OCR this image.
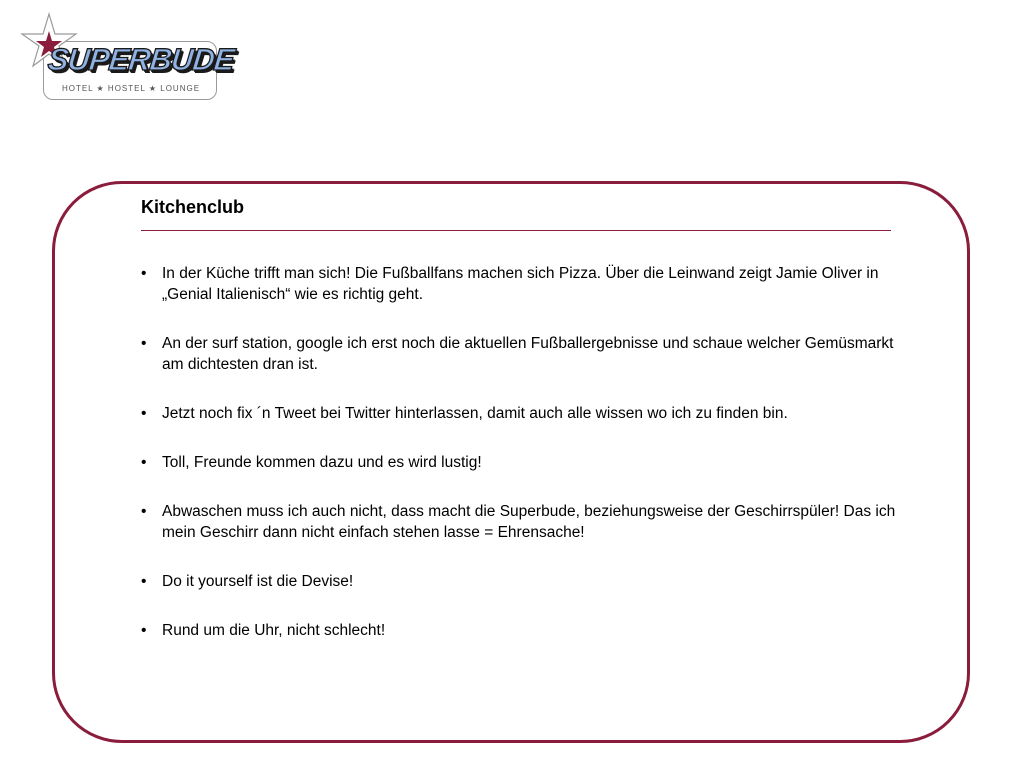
SUPERBUDE
HOTEL ★ HOSTEL ★ LOUNGE
Kitchenclub
• In der Küche trifft man sich! Die Fußballfans machen sich Pizza. Über die Leinwand zeigt Jamie Oliver in „Genial Italienisch“ wie es richtig geht.
• An der surf station, google ich erst noch die aktuellen Fußballergebnisse und schaue welcher Gemüsmarkt am dichtesten dran ist.
• Jetzt noch fix ´n Tweet bei Twitter hinterlassen, damit auch alle wissen wo ich zu finden bin.
• Toll, Freunde kommen dazu und es wird lustig!
• Abwaschen muss ich auch nicht, dass macht die Superbude, beziehungsweise der Geschirrspüler! Das ich mein Geschirr dann nicht einfach stehen lasse = Ehrensache!
• Do it yourself ist die Devise!
• Rund um die Uhr, nicht schlecht!
